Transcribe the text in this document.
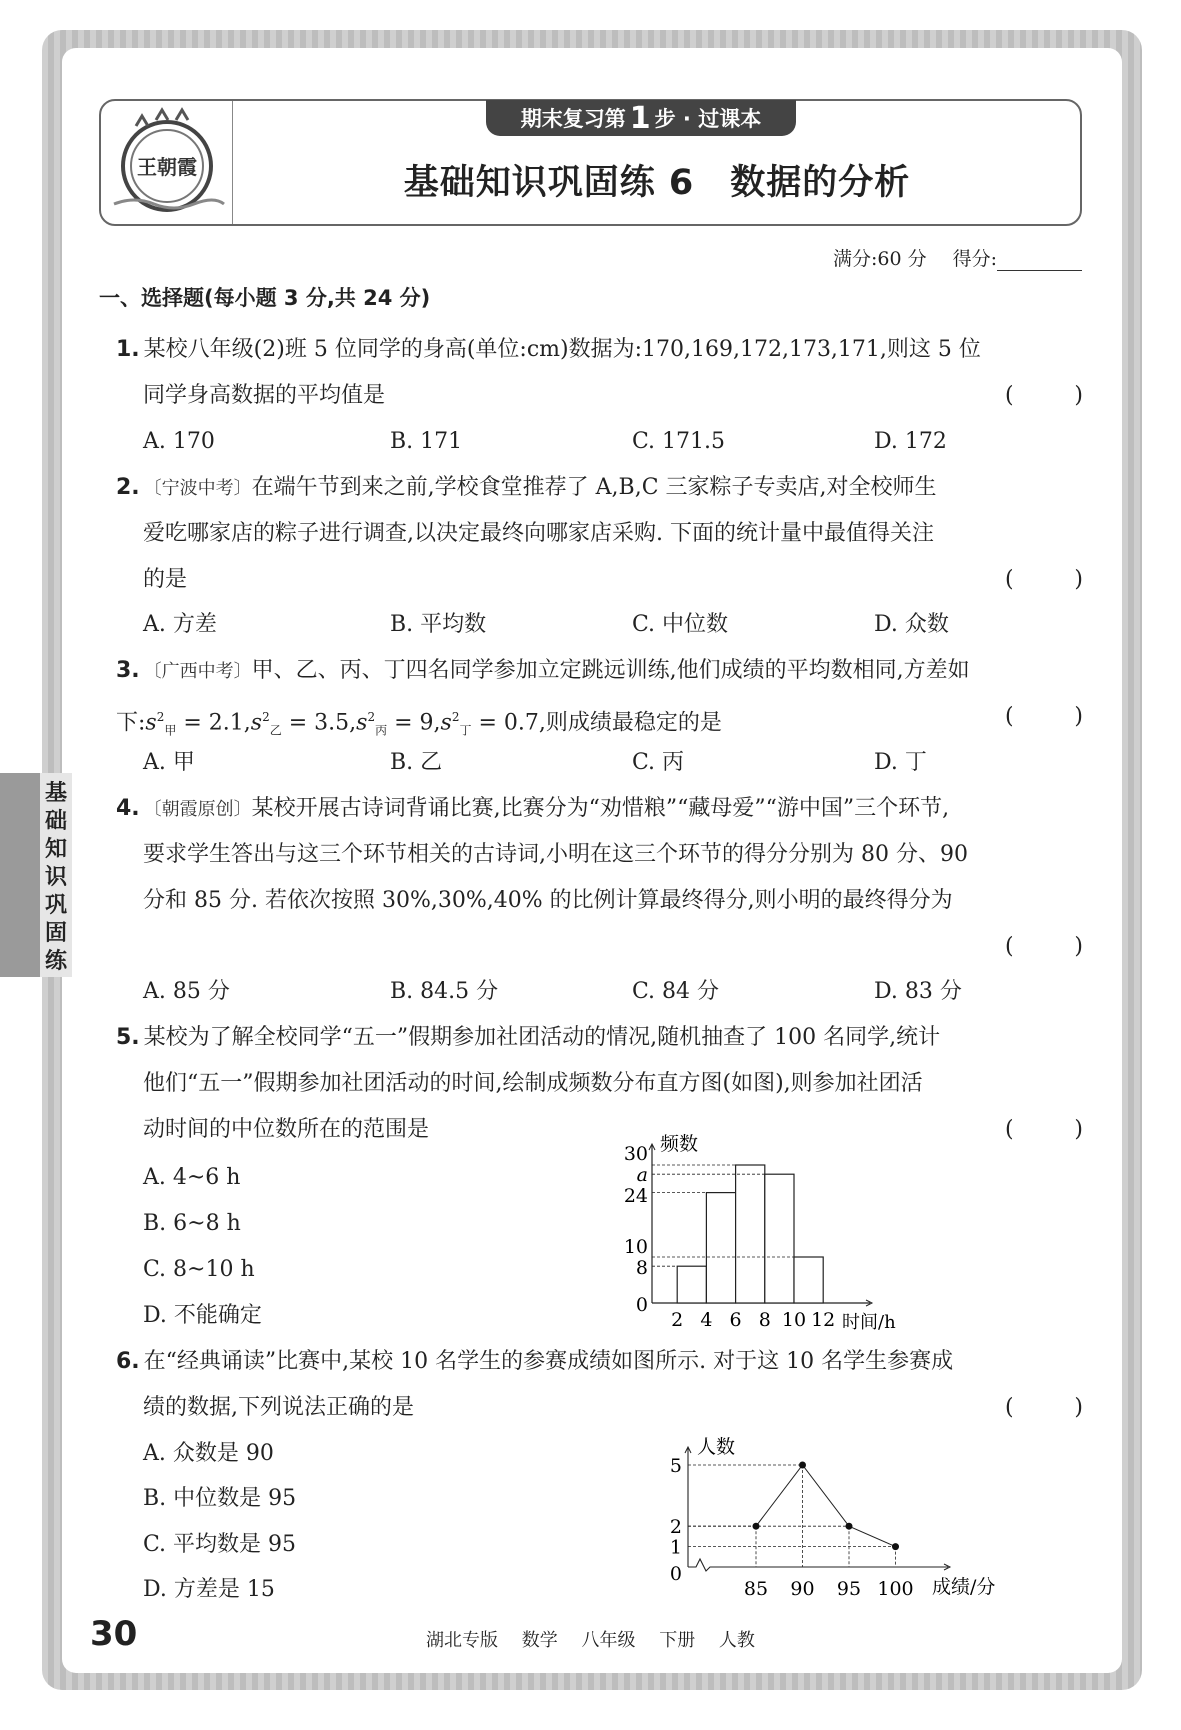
王朝霞
期末复习第 1 步 · 过课本
基础知识巩固练 6　数据的分析
满分:60 分 得分:
一、选择题(每小题 3 分,共 24 分)
基
础
知
识
巩
固
练
1. 某校八年级(2)班 5 位同学的身高(单位:cm)数据为:170,169,172,173,171,则这 5 位
同学身高数据的平均值是	(	)
A. 170	B. 171	C. 171.5	D. 172
2. 〔宁波中考〕在端午节到来之前,学校食堂推荐了 A,B,C 三家粽子专卖店,对全校师生
爱吃哪家店的粽子进行调查,以决定最终向哪家店采购. 下面的统计量中最值得关注
的是	(	)
A. 方差	B. 平均数	C. 中位数	D. 众数
3. 〔广西中考〕甲、乙、丙、丁四名同学参加立定跳远训练,他们成绩的平均数相同,方差如
下$:s^2_甲 = 2.1,s^2_乙 = 3.5,s^2_丙 = 9,s^2_丁 = 0.7$,则成绩最稳定的是	(	)
A. 甲	B. 乙	C. 丙	D. 丁
4. 〔朝霞原创〕某校开展古诗词背诵比赛,比赛分为“劝惜粮”“藏母爱”“游中国”三个环节,
要求学生答出与这三个环节相关的古诗词,小明在这三个环节的得分分别为 80 分、90
分和 85 分. 若依次按照 30%,30%,40% 的比例计算最终得分,则小明的最终得分为
(	)
A. 85 分	B. 84.5 分	C. 84 分	D. 83 分
5. 某校为了解全校同学“五一”假期参加社团活动的情况,随机抽查了 100 名同学,统计
他们“五一”假期参加社团活动的时间,绘制成频数分布直方图(如图),则参加社团活
动时间的中位数所在的范围是	(	)
A. 4~6 h
B. 6~8 h
C. 8~10 h
D. 不能确定
频数
时间/h
8
24
30
a
10
0
2 4 6 8 10 12
6. 在“经典诵读”比赛中,某校 10 名学生的参赛成绩如图所示. 对于这 10 名学生参赛成
绩的数据,下列说法正确的是	(	)
A. 众数是 90
B. 中位数是 95
C. 平均数是 95
D. 方差是 15
人数
成绩/分
0
1
2
5
85 90 95 100
30	湖北专版 数学 八年级 下册 人教
